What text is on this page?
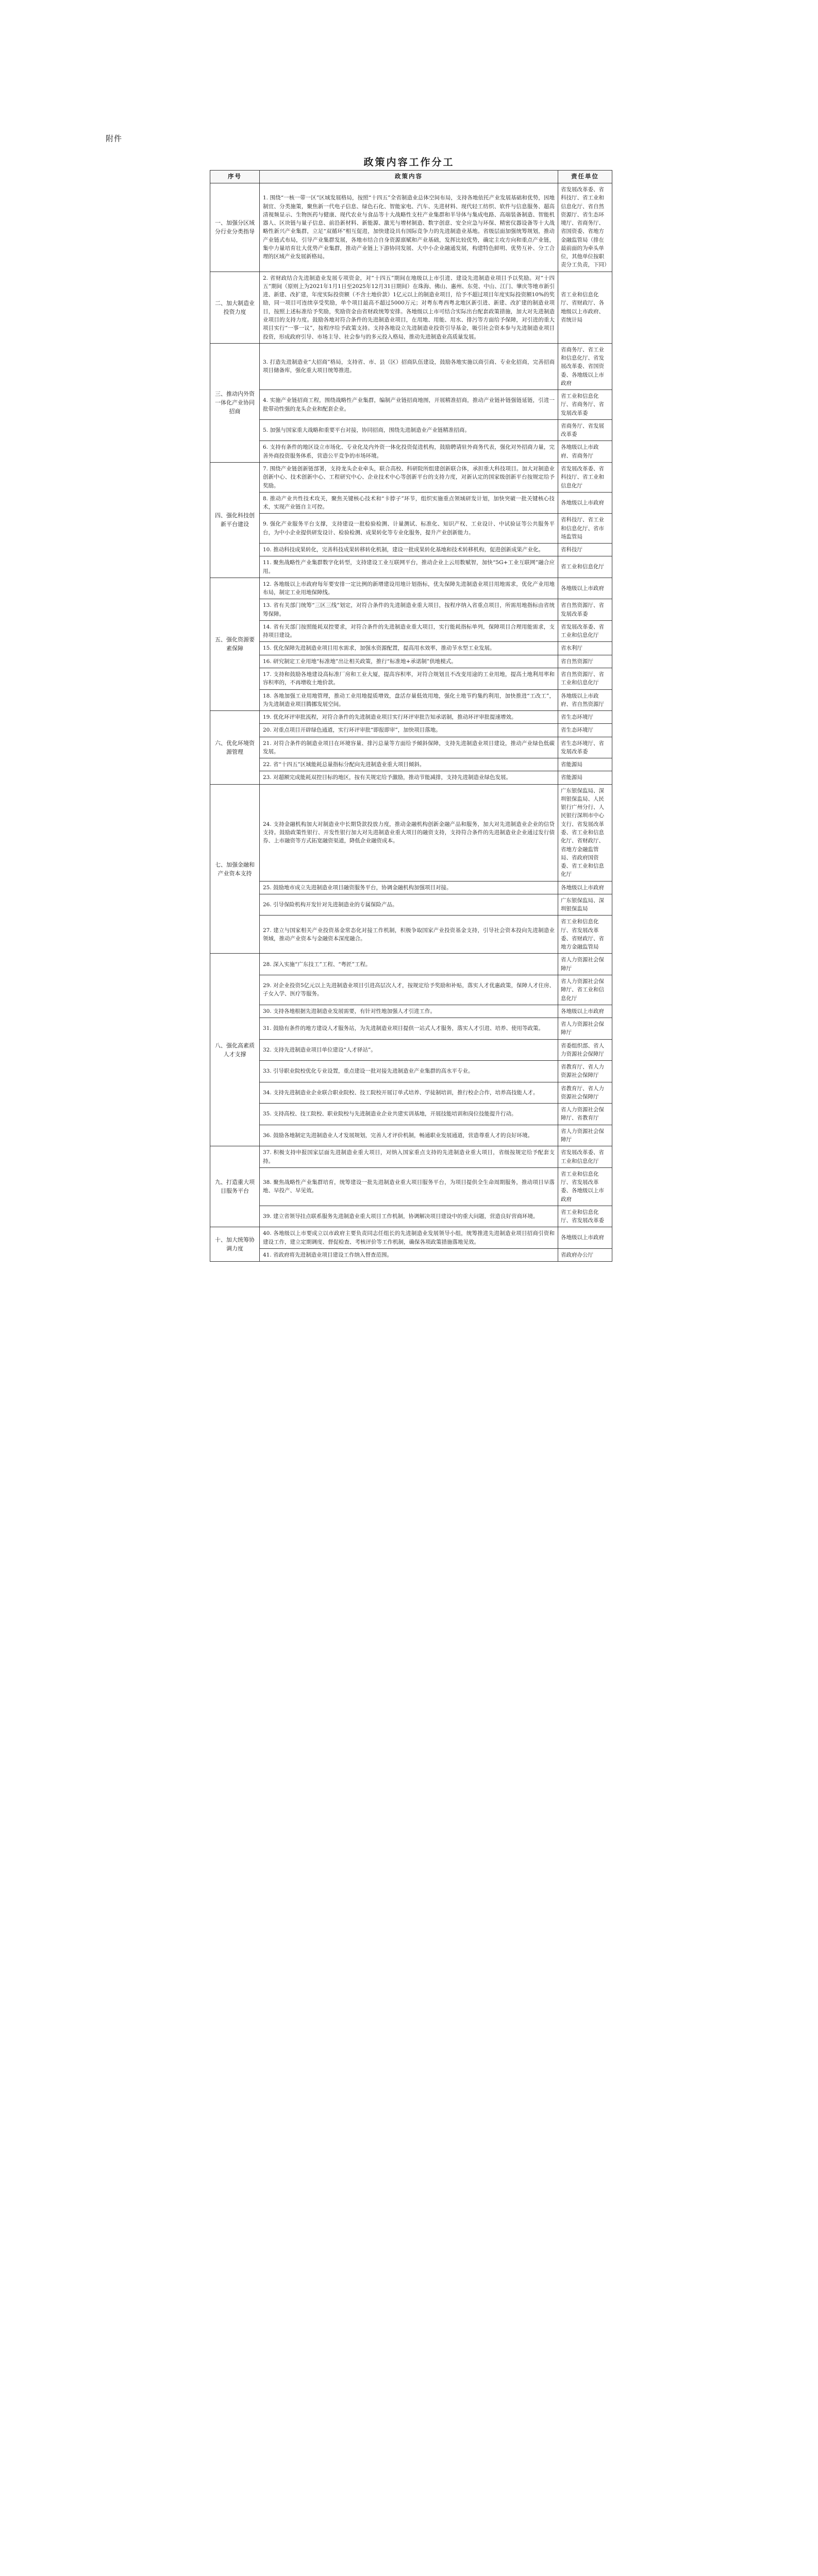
附件
政策内容工作分工
序号	政策内容	责任单位
一、加强分区域分行业分类指导	1. 围绕“一核一带一区”区域发展格局，按照“十四五”全省制造业总体空间布局，支持各地依托产业发展基础和优势，因地制宜、分类施策，聚焦新一代电子信息、绿色石化、智能家电、汽车、先进材料、现代轻工纺织、软件与信息服务、超高清视频显示、生物医药与健康、现代农业与食品等十大战略性支柱产业集群和半导体与集成电路、高端装备制造、智能机器人、区块链与量子信息、前沿新材料、新能源、激光与增材制造、数字创意、安全应急与环保、精密仪器设备等十大战略性新兴产业集群，立足“双循环”相互促进，加快建设具有国际竞争力的先进制造业基地。省级层面加强统筹规划，推动产业链式布局，引导产业集群发展，各地市结合自身资源禀赋和产业基础，发挥比较优势，确定主攻方向和重点产业链，集中力量培育壮大优势产业集群，推动产业链上下游协同发展、大中小企业融通发展，构建特色鲜明、优势互补、分工合理的区域产业发展新格局。	省发展改革委、省科技厅、省工业和信息化厅、省自然资源厅、省生态环境厅、省商务厅、省国资委、省地方金融监管局（排在最前面的为牵头单位，其他单位按职责分工负责，下同）
二、加大制造业投资力度	2. 省财政结合先进制造业发展专项资金，对“十四五”期间在地级以上市引进、建设先进制造业项目予以奖励。对“十四五”期间（原则上为2021年1月1日至2025年12月31日期间）在珠海、佛山、惠州、东莞、中山、江门、肇庆等地市新引进、新建、改扩建，年度实际投资额（不含土地价款）1亿元以上的制造业项目，给予不超过项目年度实际投资额10%的奖励，同一项目可连续享受奖励，单个项目最高不超过5000万元；对粤东粤西粤北地区新引进、新建、改扩建的制造业项目，按照上述标准给予奖励，奖励资金由省财政统筹安排。各地级以上市可结合实际出台配套政策措施，加大对先进制造业项目的支持力度。鼓励各地对符合条件的先进制造业项目，在用地、用能、用水、排污等方面给予保障，对引进的重大项目实行“一事一议”，按程序给予政策支持。支持各地设立先进制造业投资引导基金，吸引社会资本参与先进制造业项目投资，形成政府引导、市场主导、社会参与的多元投入格局，推动先进制造业高质量发展。	省工业和信息化厅、省财政厅、各地级以上市政府、省统计局
三、推动内外资一体化产业协同招商	3. 打造先进制造业“大招商”格局，支持省、市、县（区）招商队伍建设，鼓励各地实施以商引商、专业化招商，完善招商项目储备库，强化重大项目统筹推进。	省商务厅、省工业和信息化厅、省发展改革委、省国资委、各地级以上市政府
	4. 实施产业链招商工程，围绕战略性产业集群，编制产业链招商地图，开展精准招商，推动产业链补链强链延链，引进一批带动性强的龙头企业和配套企业。	省工业和信息化厅、省商务厅、省发展改革委
	5. 加强与国家重大战略和重要平台对接，协同招商，围绕先进制造业产业链精准招商。	省商务厅、省发展改革委
	6. 支持有条件的地区设立市场化、专业化及内外资一体化投资促进机构，鼓励聘请驻外商务代表，强化对外招商力量，完善外商投资服务体系，营造公平竞争的市场环境。	各地级以上市政府、省商务厅
四、强化科技创新平台建设	7. 围绕产业链创新链部署，支持龙头企业牵头，联合高校、科研院所组建创新联合体，承担重大科技项目。加大对制造业创新中心、技术创新中心、工程研究中心、企业技术中心等创新平台的支持力度，对新认定的国家级创新平台按规定给予奖励。	省发展改革委、省科技厅、省工业和信息化厅
	8. 推动产业共性技术攻关，聚焦关键核心技术和“卡脖子”环节，组织实施重点领域研发计划，加快突破一批关键核心技术，实现产业链自主可控。	各地级以上市政府
	9. 强化产业服务平台支撑，支持建设一批检验检测、计量测试、标准化、知识产权、工业设计、中试验证等公共服务平台，为中小企业提供研发设计、检验检测、成果转化等专业化服务，提升产业创新能力。	省科技厅、省工业和信息化厅、省市场监管局
	10. 推动科技成果转化，完善科技成果转移转化机制，建设一批成果转化基地和技术转移机构，促进创新成果产业化。	省科技厅
	11. 聚焦战略性产业集群数字化转型，支持建设工业互联网平台，推动企业上云用数赋智，加快“5G+工业互联网”融合应用。	省工业和信息化厅
五、强化资源要素保障	12. 各地级以上市政府每年要安排一定比例的新增建设用地计划指标，优先保障先进制造业项目用地需求，优化产业用地布局，制定工业用地保障线。	各地级以上市政府
	13. 省有关部门统筹“三区三线”划定，对符合条件的先进制造业重大项目，按程序纳入省重点项目，所需用地指标由省统筹保障。	省自然资源厅、省发展改革委
	14. 省有关部门按照能耗双控要求，对符合条件的先进制造业重大项目，实行能耗指标单列，保障项目合理用能需求，支持项目建设。	省发展改革委、省工业和信息化厅
	15. 优化保障先进制造业项目用水需求，加强水资源配置，提高用水效率，推动节水型工业发展。	省水利厅
	16. 研究制定工业用地“标准地”出让相关政策，推行“标准地+承诺制”供地模式。	省自然资源厅
	17. 支持和鼓励各地建设高标准厂房和工业大厦，提高容积率，对符合规划且不改变用途的工业用地，提高土地利用率和容积率的，不再增收土地价款。	省自然资源厅、省工业和信息化厅
	18. 各地加强工业用地管理，推动工业用地提质增效，盘活存量低效用地，强化土地节约集约利用，加快推进“工改工”，为先进制造业项目腾挪发展空间。	各地级以上市政府、省自然资源厅
六、优化环境资源管理	19. 优化环评审批流程，对符合条件的先进制造业项目实行环评审批告知承诺制，推动环评审批提速增效。	省生态环境厅
	20. 对重点项目开辟绿色通道，实行环评审批“即报即审”，加快项目落地。	省生态环境厅
	21. 对符合条件的制造业项目在环境容量、排污总量等方面给予倾斜保障，支持先进制造业项目建设，推动产业绿色低碳发展。	省生态环境厅、省发展改革委
	22. 省“十四五”区域能耗总量指标分配向先进制造业重大项目倾斜。	省能源局
	23. 对超额完成能耗双控目标的地区，按有关规定给予激励，推动节能减排，支持先进制造业绿色发展。	省能源局
七、加强金融和产业资本支持	24. 支持金融机构加大对制造业中长期贷款投放力度，推动金融机构创新金融产品和服务，加大对先进制造业企业的信贷支持。鼓励政策性银行、开发性银行加大对先进制造业重大项目的融资支持，支持符合条件的先进制造业企业通过发行债券、上市融资等方式拓宽融资渠道，降低企业融资成本。	广东银保监局、深圳银保监局、人民银行广州分行、人民银行深圳市中心支行、省发展改革委、省工业和信息化厅、省财政厅、省地方金融监管局、省政府国资委、省工业和信息化厅
	25. 鼓励地市成立先进制造业项目融资服务平台，协调金融机构加强项目对接。	各地级以上市政府
	26. 引导保险机构开发针对先进制造业的专属保险产品。	广东银保监局、深圳银保监局
	27. 建立与国家相关产业投资基金常态化对接工作机制，积极争取国家产业投资基金支持，引导社会资本投向先进制造业领域，推动产业资本与金融资本深度融合。	省工业和信息化厅、省发展改革委、省财政厅、省地方金融监管局
八、强化高素质人才支撑	28. 深入实施“广东技工”工程、“粤匠”工程。	省人力资源社会保障厅
	29. 对企业投资5亿元以上先进制造业项目引进高层次人才，按规定给予奖励和补贴，落实人才优惠政策，保障人才住房、子女入学、医疗等服务。	省人力资源社会保障厅、省工业和信息化厅
	30. 支持各地根据先进制造业发展需要，有针对性地加强人才引进工作。	各地级以上市政府
	31. 鼓励有条件的地方建设人才服务站，为先进制造业项目提供一站式人才服务，落实人才引进、培养、使用等政策。	省人力资源社会保障厅
	32. 支持先进制造业项目单位建设“人才驿站”。	省委组织部、省人力资源社会保障厅
	33. 引导职业院校优化专业设置，重点建设一批对接先进制造业产业集群的高水平专业。	省教育厅、省人力资源社会保障厅
	34. 支持先进制造业企业联合职业院校、技工院校开展订单式培养、学徒制培训，推行校企合作，培养高技能人才。	省教育厅、省人力资源社会保障厅
	35. 支持高校、技工院校、职业院校与先进制造业企业共建实训基地，开展技能培训和岗位技能提升行动。	省人力资源社会保障厅、省教育厅
	36. 鼓励各地制定先进制造业人才发展规划，完善人才评价机制，畅通职业发展通道，营造尊重人才的良好环境。	省人力资源社会保障厅
九、打造重大项目服务平台	37. 积极支持申报国家层面先进制造业重大项目，对纳入国家重点支持的先进制造业重大项目，省级按规定给予配套支持。	省发展改革委、省工业和信息化厅
	38. 聚焦战略性产业集群培育，统筹建设一批先进制造业重大项目服务平台，为项目提供全生命周期服务，推动项目早落地、早投产、早见效。	省工业和信息化厅、省发展改革委、各地级以上市政府
	39. 建立省领导挂点联系服务先进制造业重大项目工作机制，协调解决项目建设中的重大问题，营造良好营商环境。	省工业和信息化厅、省发展改革委
十、加大统筹协调力度	40. 各地级以上市要成立以市政府主要负责同志任组长的先进制造业发展领导小组，统筹推进先进制造业项目招商引资和建设工作，建立定期调度、督促检查、考核评价等工作机制，确保各项政策措施落地见效。	各地级以上市政府
	41. 省政府将先进制造业项目建设工作纳入督查范围。	省政府办公厅
